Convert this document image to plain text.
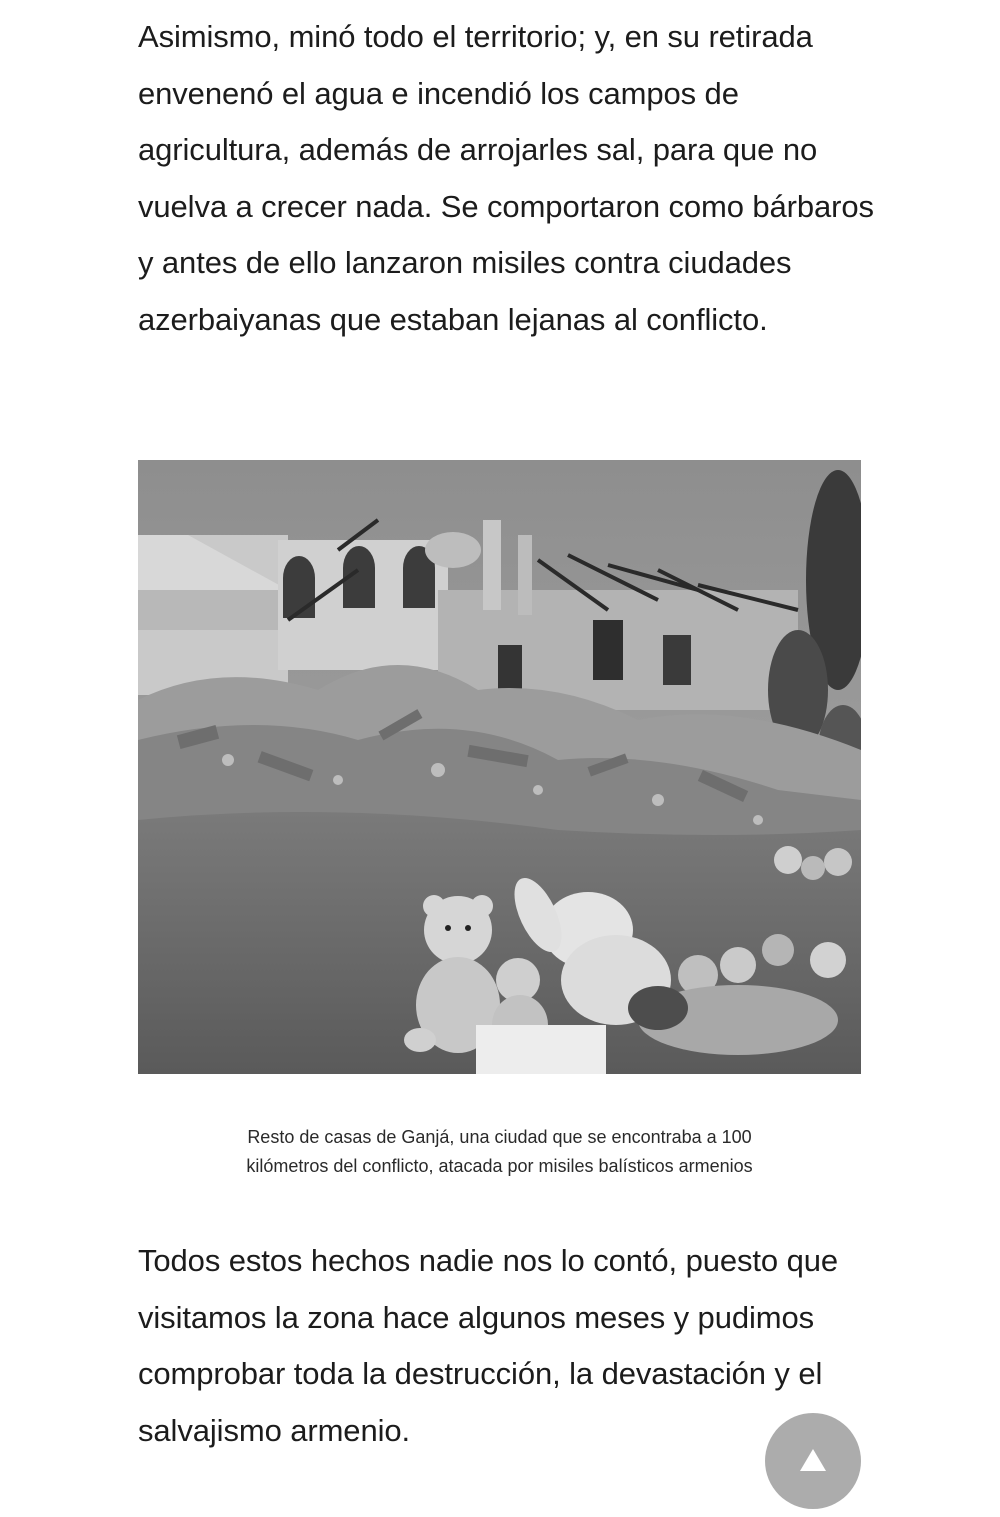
Asimismo, minó todo el territorio; y, en su retirada envenenó el agua e incendió los campos de agricultura, además de arrojarles sal, para que no vuelva a crecer nada. Se comportaron como bárbaros y antes de ello lanzaron misiles contra ciudades azerbaiyanas que estaban lejanas al conflicto.

Todos estos hechos nadie nos lo contó, puesto que visitamos la zona hace algunos meses y pudimos comprobar toda la destrucción, la devastación y el salvajismo armenio.

Resto de casas de Ganjá, una ciudad que se encontraba a 100
kilómetros del conflicto, atacada por misiles balísticos armenios
